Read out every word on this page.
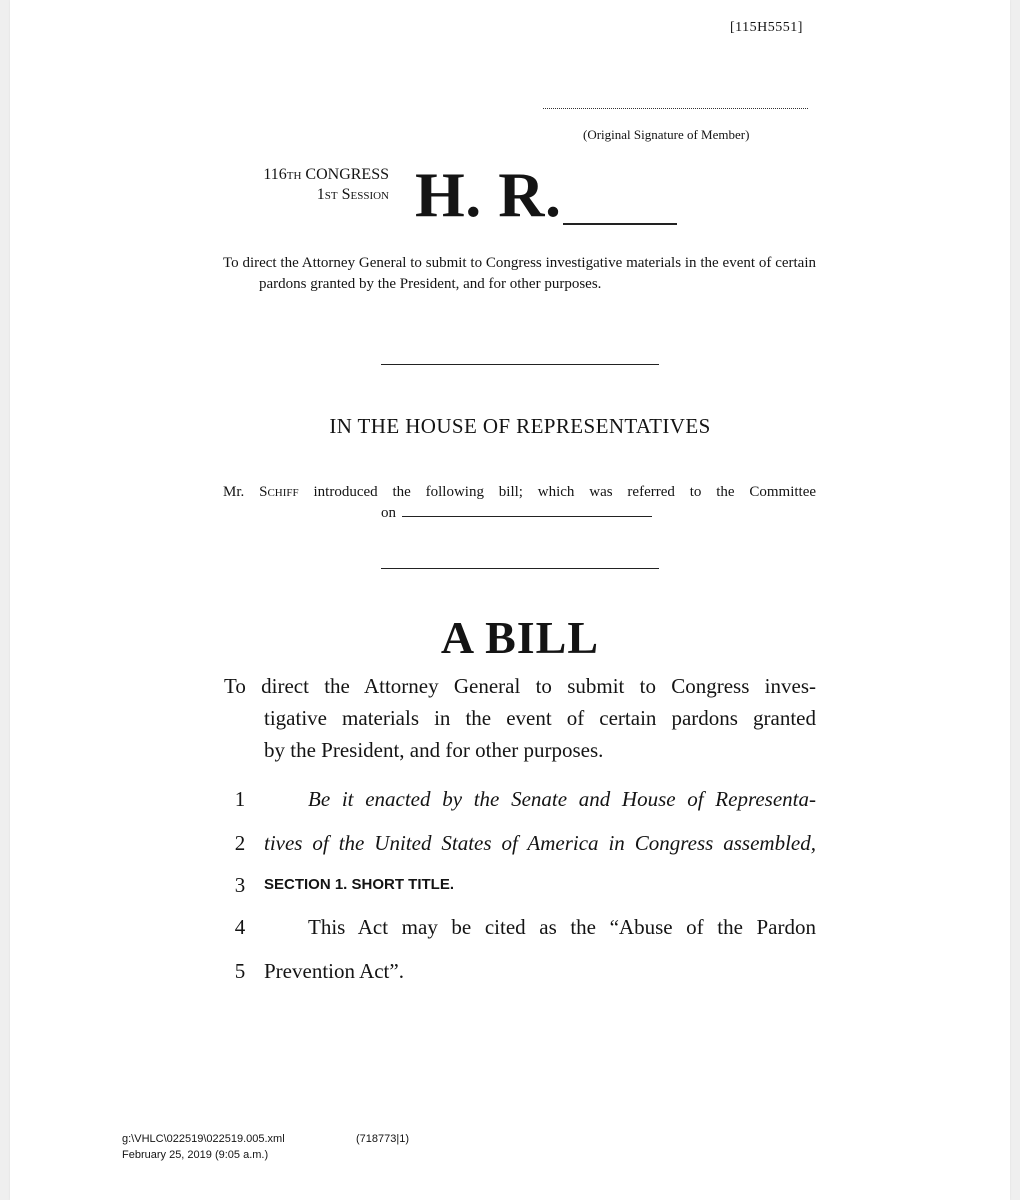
[115H5551]
(Original Signature of Member)
116th CONGRESS
1st Session H. R.
To direct the Attorney General to submit to Congress investigative materials in the event of certain pardons granted by the President, and for other purposes.
IN THE HOUSE OF REPRESENTATIVES
Mr. Schiff introduced the following bill; which was referred to the Committee
on
A BILL
To direct the Attorney General to submit to Congress inves-
tigative materials in the event of certain pardons granted
by the President, and for other purposes.
1	Be it enacted by the Senate and House of Representa-
2 tives of the United States of America in Congress assembled,
3 SECTION 1. SHORT TITLE.
4	This Act may be cited as the “Abuse of the Pardon
5 Prevention Act”.
g:\VHLC\022519\022519.005.xml
February 25, 2019 (9:05 a.m.)
(718773|1)
